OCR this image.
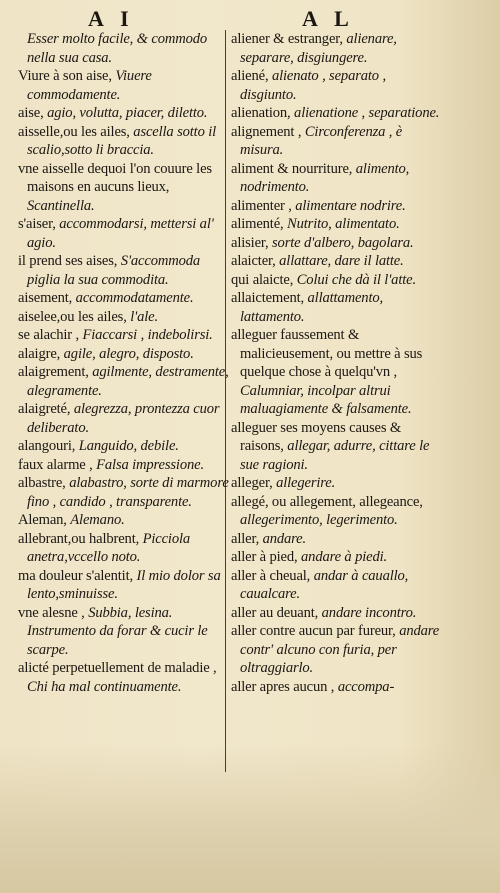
A I	A L

Esser molto facile, & commodo nella sua casa.

Viure à son aise, Viuere commodamente.

aise, agio, volutta, piacer, diletto.

aisselle,ou les ailes, ascella sotto il scalio,sotto li braccia.

vne aisselle dequoi l'on couure les maisons en aucuns lieux, Scantinella.

s'aiser, accommodarsi, mettersi al' agio.

il prend ses aises, S'accommoda piglia la sua commodita.

aisement, accommodatamente.

aiselee,ou les ailes, l'ale.

se alachir , Fiaccarsi , indebolirsi.

alaigre, agile, alegro, disposto.

alaigrement, agilmente, destramente, alegramente.

alaigreté, alegrezza, prontezza cuor deliberato.

alangouri, Languido, debile.

faux alarme , Falsa impressione.

albastre, alabastro, sorte di marmore fino , candido , transparente.

Aleman, Alemano.

allebrant,ou halbrent, Picciola anetra,vccello noto.

ma douleur s'alentit, Il mio dolor sa lento,sminuisse.

vne alesne , Subbia, lesina. Instrumento da forar & cucir le scarpe.

alicté perpetuellement de maladie , Chi ha mal continuamente.

aliener & estranger, alienare, separare, disgiungere.

aliené, alienato , separato , disgiunto.

alienation, alienatione , separatione.

alignement , Circonferenza , è misura.

aliment & nourriture, alimento, nodrimento.

alimenter , alimentare nodrire.

alimenté, Nutrito, alimentato.

alisier, sorte d'albero, bagolara.

alaicter, allattare, dare il latte.

qui alaicte, Colui che dà il l'atte.

allaictement, allattamento, lattamento.

alleguer faussement & malicieusement, ou mettre à sus quelque chose à quelqu'vn , Calumniar, incolpar altrui maluagiamente & falsamente.

alleguer ses moyens causes & raisons, allegar, adurre, cittare le sue ragioni.

alleger, allegerire.

allegé, ou allegement, allegeance, allegerimento, legerimento.

aller, andare.

aller à pied, andare à piedi.

aller à cheual, andar à cauallo, caualcare.

aller au deuant, andare incontro.

aller contre aucun par fureur, andare contr' alcuno con furia, per oltraggiarlo.

aller apres aucun , accompa-
